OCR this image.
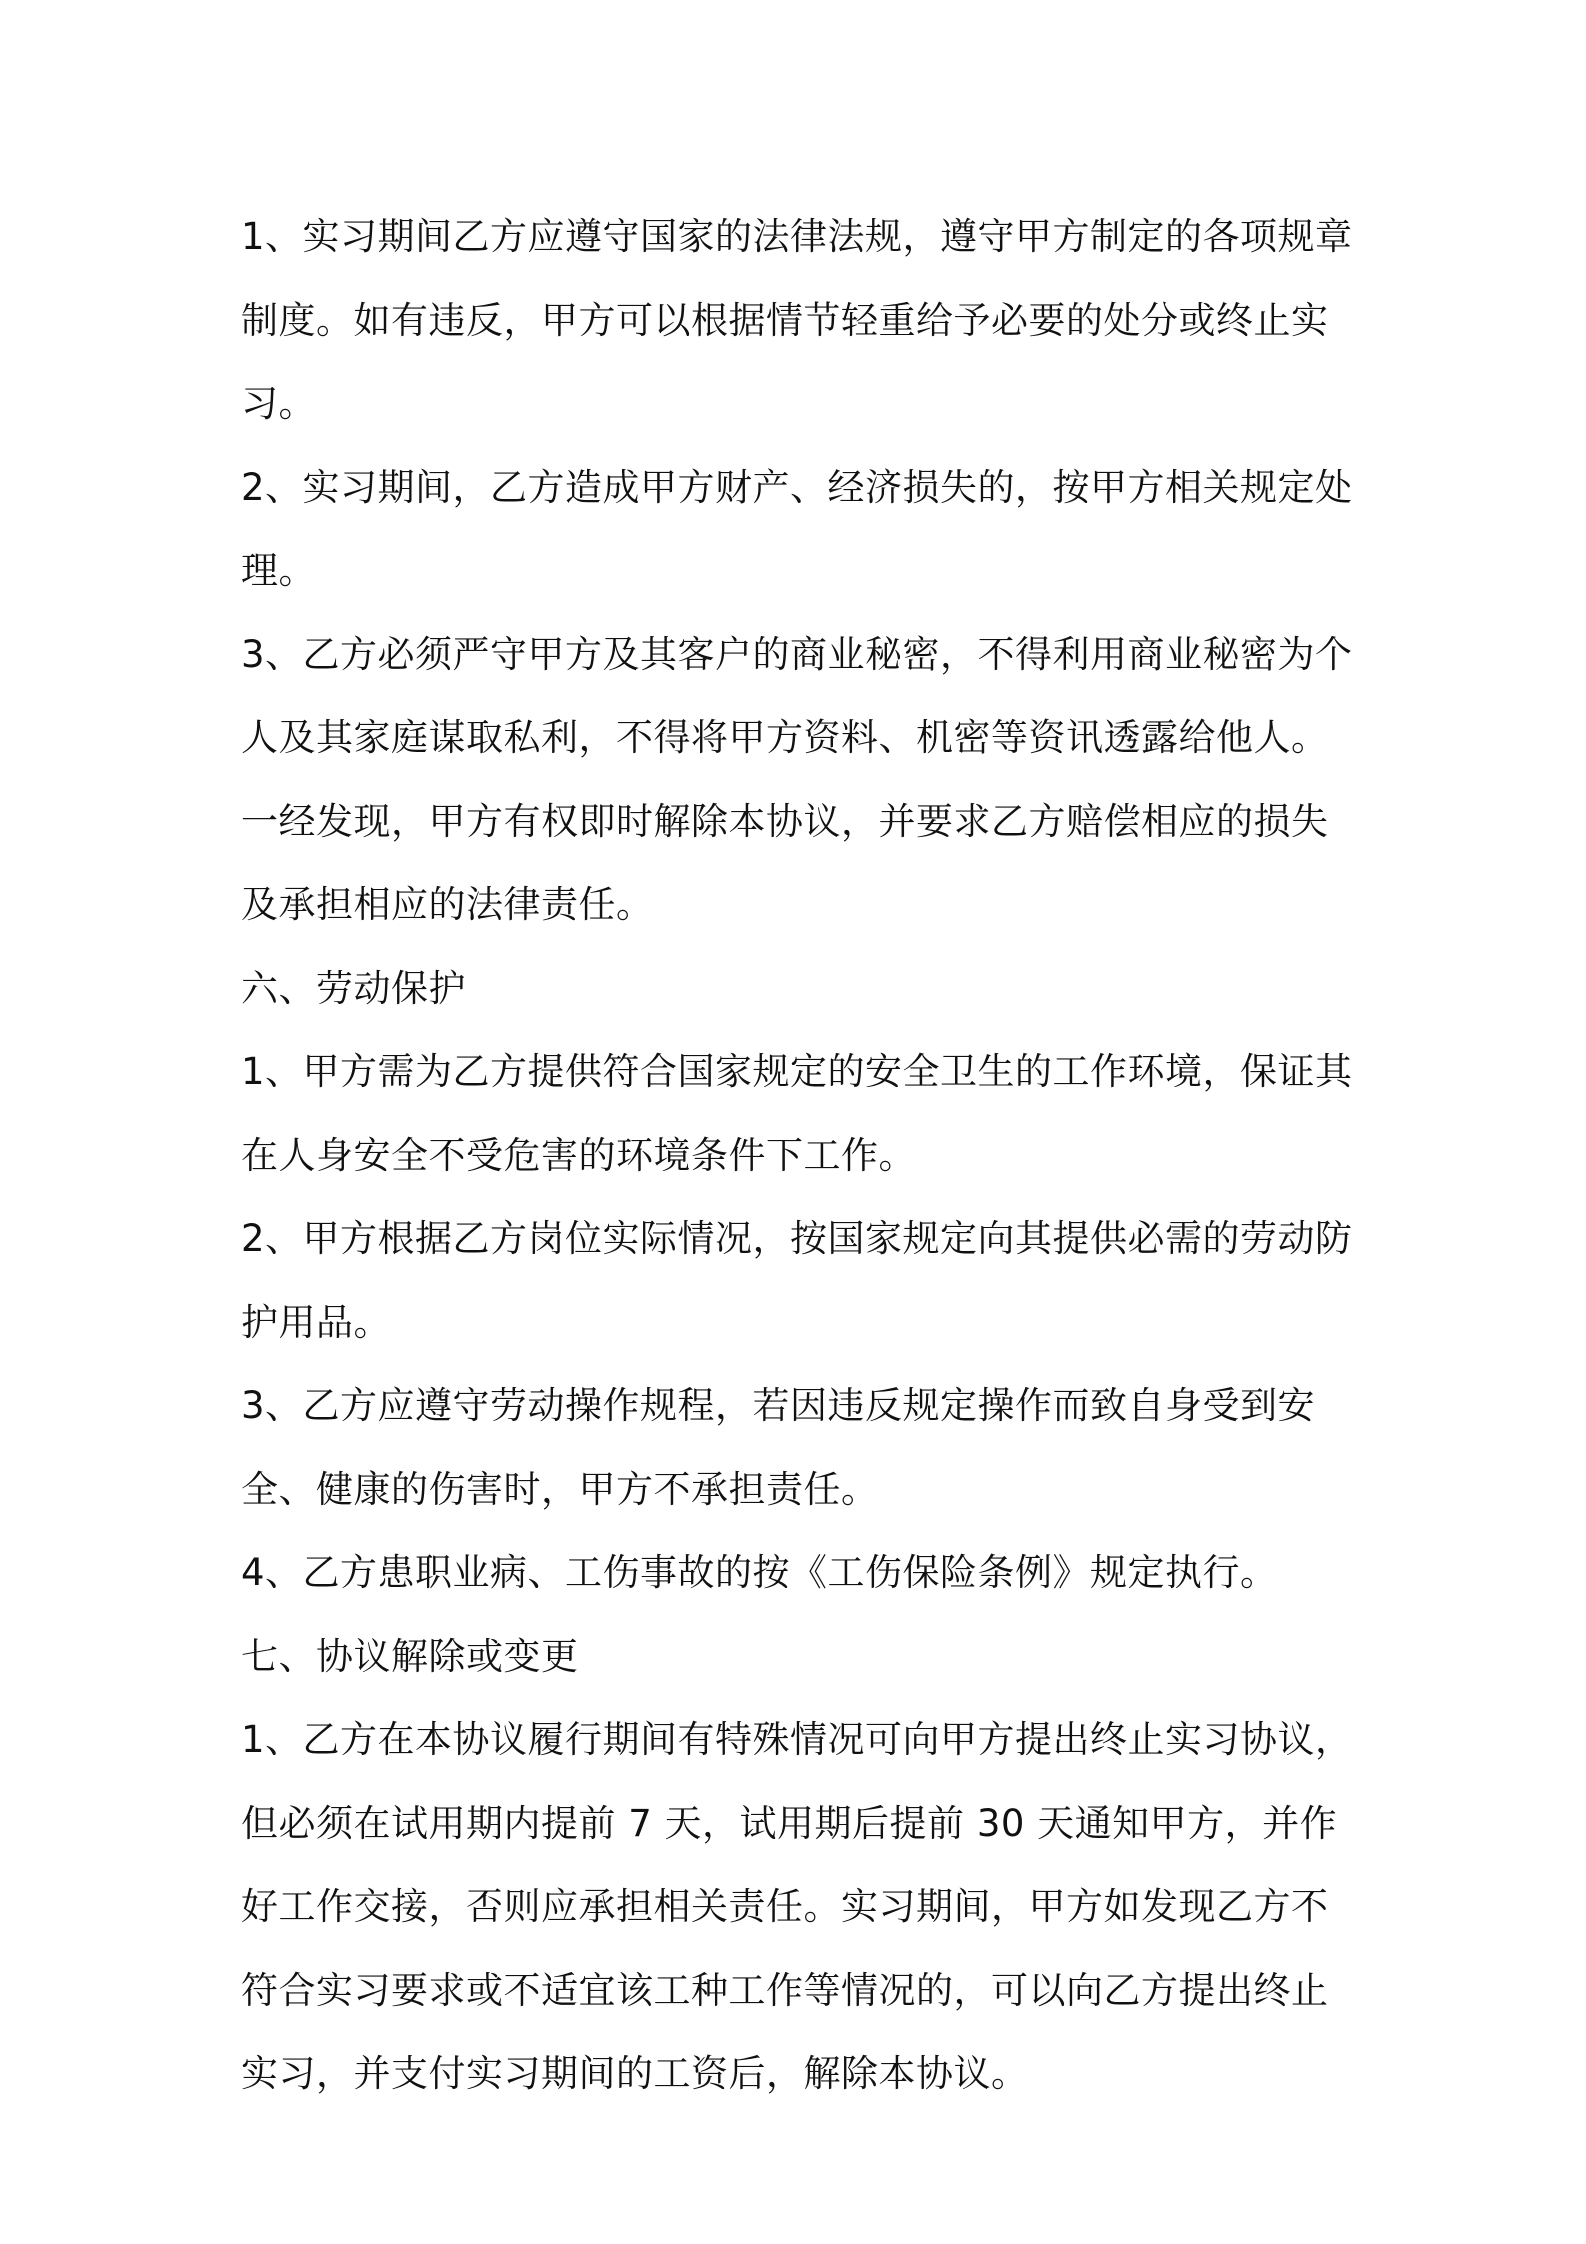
1、实习期间乙方应遵守国家的法律法规，遵守甲方制定的各项规章制度。如有违反，甲方可以根据情节轻重给予必要的处分或终止实习。

2、实习期间，乙方造成甲方财产、经济损失的，按甲方相关规定处理。

3、乙方必须严守甲方及其客户的商业秘密，不得利用商业秘密为个人及其家庭谋取私利，不得将甲方资料、机密等资讯透露给他人。一经发现，甲方有权即时解除本协议，并要求乙方赔偿相应的损失及承担相应的法律责任。

六、劳动保护

1、甲方需为乙方提供符合国家规定的安全卫生的工作环境，保证其在人身安全不受危害的环境条件下工作。

2、甲方根据乙方岗位实际情况，按国家规定向其提供必需的劳动防护用品。

3、乙方应遵守劳动操作规程，若因违反规定操作而致自身受到安全、健康的伤害时，甲方不承担责任。

4、乙方患职业病、工伤事故的按《工伤保险条例》规定执行。

七、协议解除或变更

1、乙方在本协议履行期间有特殊情况可向甲方提出终止实习协议，但必须在试用期内提前 7 天，试用期后提前 30 天通知甲方，并作好工作交接，否则应承担相关责任。实习期间，甲方如发现乙方不符合实习要求或不适宜该工种工作等情况的，可以向乙方提出终止实习，并支付实习期间的工资后，解除本协议。
